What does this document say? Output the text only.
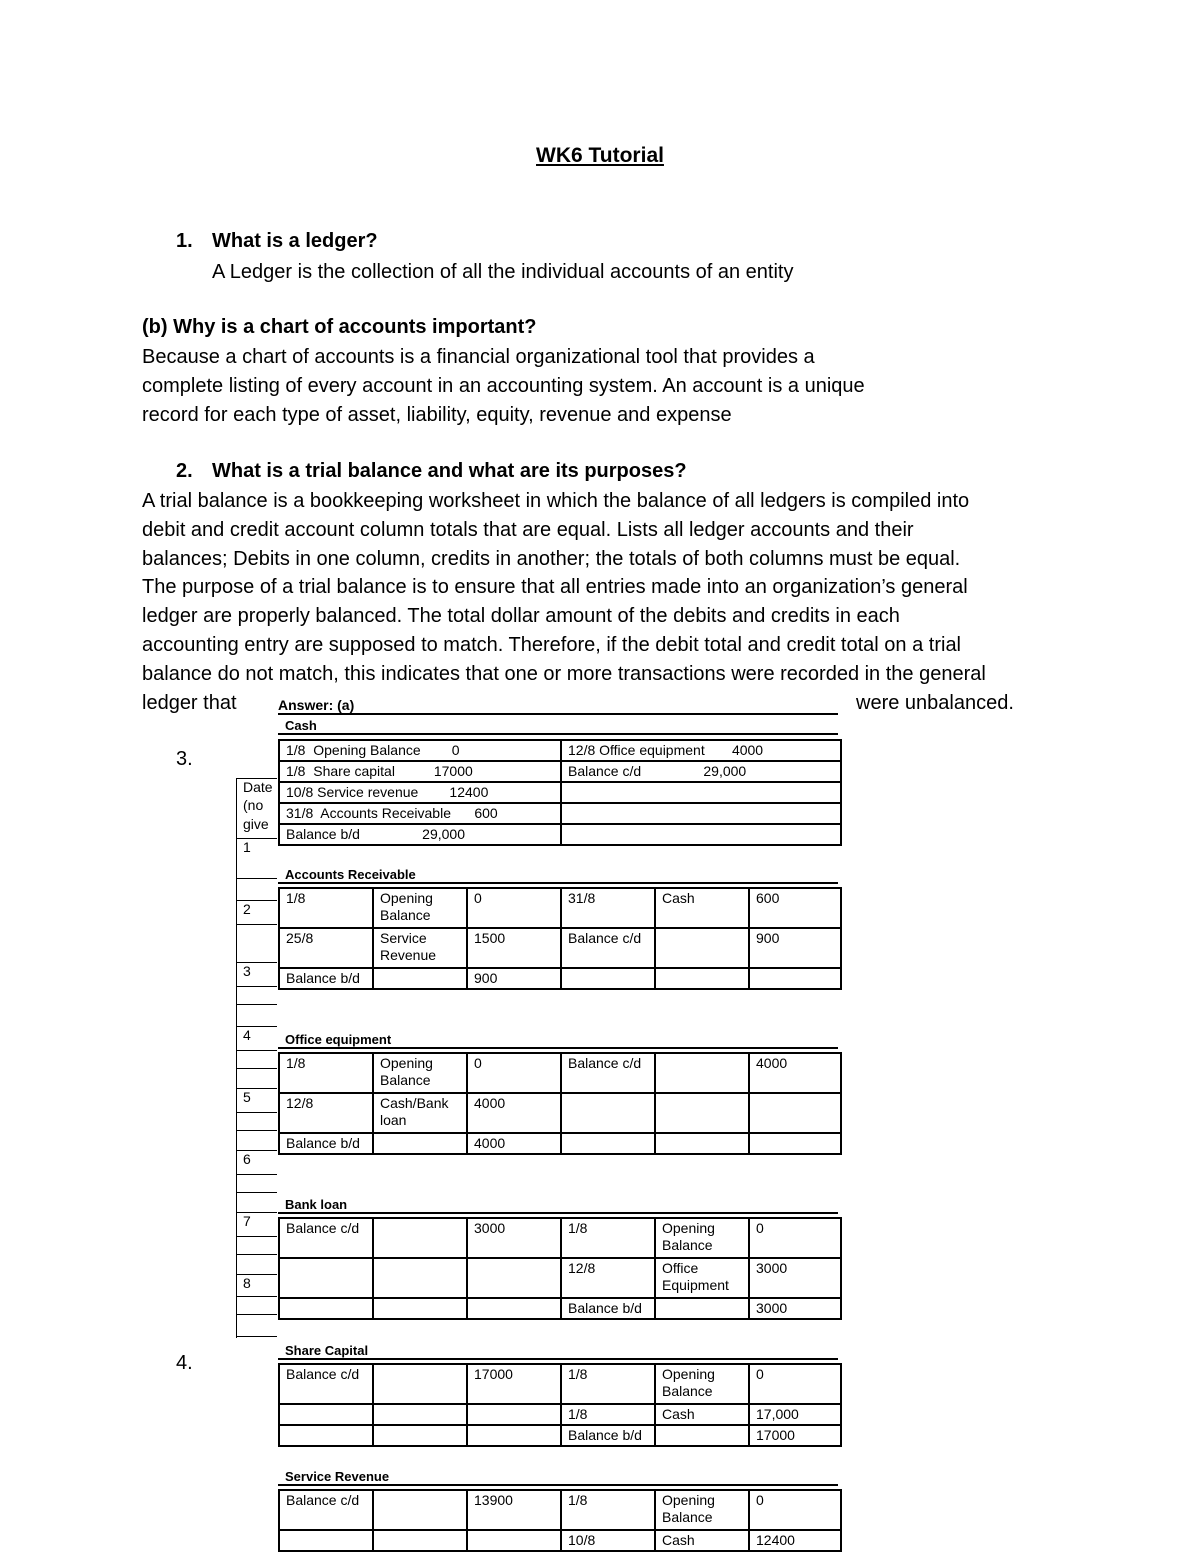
WK6 Tutorial
1. What is a ledger?
A Ledger is the collection of all the individual accounts of an entity
(b) Why is a chart of accounts important?
Because a chart of accounts is a financial organizational tool that provides a
complete listing of every account in an accounting system. An account is a unique
record for each type of asset, liability, equity, revenue and expense
2. What is a trial balance and what are its purposes?
A trial balance is a bookkeeping worksheet in which the balance of all ledgers is compiled into
debit and credit account column totals that are equal. Lists all ledger accounts and their
balances; Debits in one column, credits in another; the totals of both columns must be equal.
The purpose of a trial balance is to ensure that all entries made into an organization’s general
ledger are properly balanced. The total dollar amount of the debits and credits in each
accounting entry are supposed to match. Therefore, if the debit total and credit total on a trial
balance do not match, this indicates that one or more transactions were recorded in the general
ledger that	were unbalanced.
3.
4.
Date
(no
give
1
2
3
4
5
6
7
8
Answer: (a)
Cash
1/8  Opening Balance        0	12/8 Office equipment       4000
1/8  Share capital          17000	Balance c/d                29,000
10/8 Service revenue        12400	
31/8  Accounts Receivable      600	
Balance b/d                29,000	
Accounts Receivable
1/8	Opening Balance	0	31/8	Cash	600
25/8	Service Revenue	1500	Balance c/d		900
Balance b/d		900			
Office equipment
1/8	Opening Balance	0	Balance c/d		4000
12/8	Cash/Bank loan	4000			
Balance b/d		4000			
Bank loan
Balance c/d		3000	1/8	Opening Balance	0
			12/8	Office Equipment	3000
			Balance b/d		3000
Share Capital
Balance c/d		17000	1/8	Opening Balance	0
			1/8	Cash	17,000
			Balance b/d		17000
Service Revenue
Balance c/d		13900	1/8	Opening Balance	0
			10/8	Cash	12400
